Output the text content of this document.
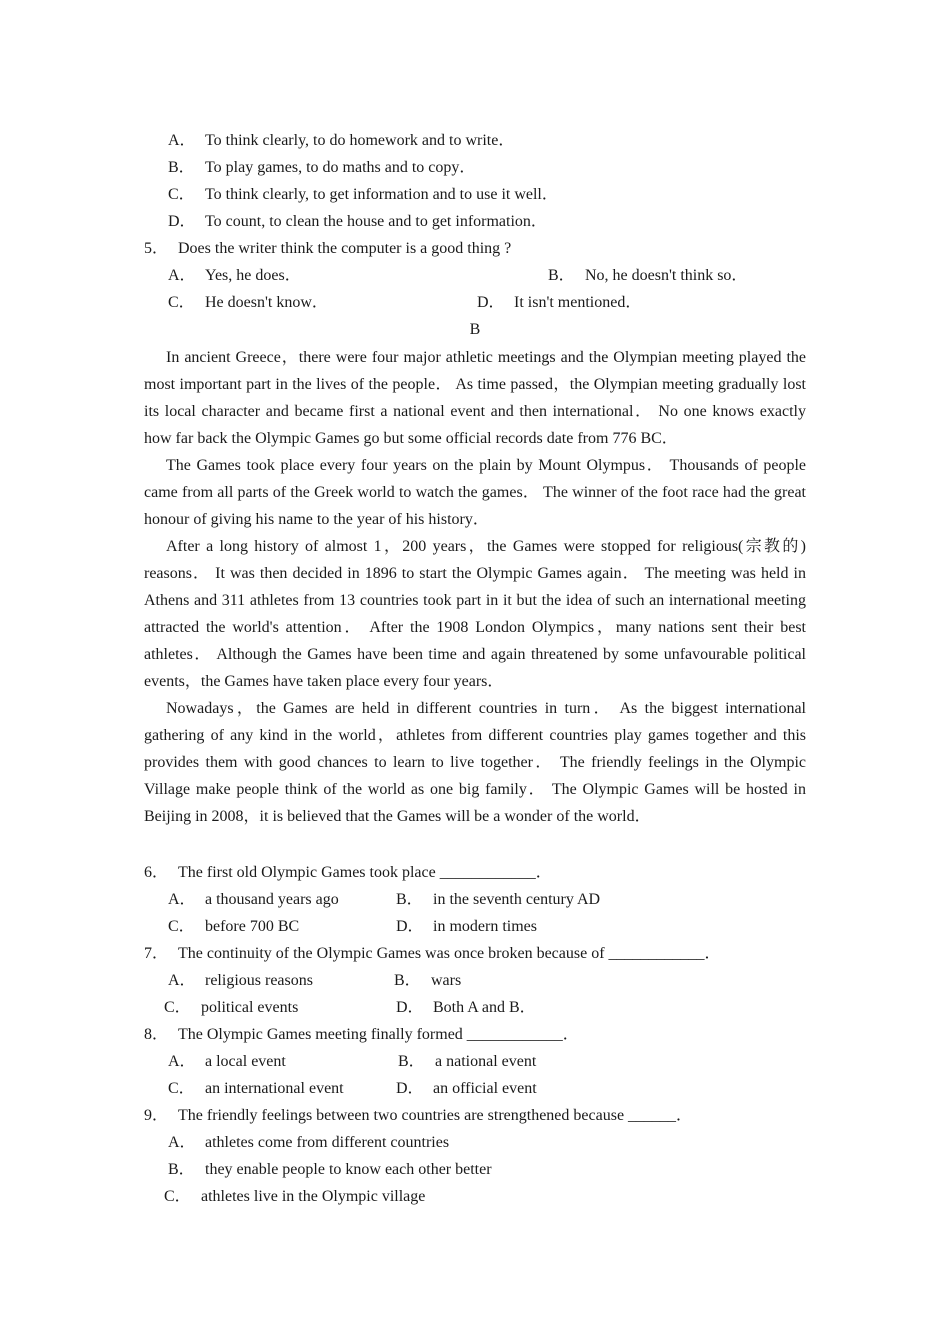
A． To think clearly, to do homework and to write．
B． To play games, to do maths and to copy．
C． To think clearly, to get information and to use it well．
D． To count, to clean the house and to get information．
5． Does the writer think the computer is a good thing ?
A． Yes, he does．	B． No, he doesn't think so．
C． He doesn't know．	D． It isn't mentioned．
B

In ancient Greece，there were four major athletic meetings and the Olympian meeting played the most important part in the lives of the people． As time passed，the Olympian meeting gradually lost its local character and became first a national event and then international． No one knows exactly how far back the Olympic Games go but some official records date from 776 BC．

The Games took place every four years on the plain by Mount Olympus． Thousands of people came from all parts of the Greek world to watch the games． The winner of the foot race had the great honour of giving his name to the year of his history．

After a long history of almost 1，200 years，the Games were stopped for religious(宗教的) reasons． It was then decided in 1896 to start the Olympic Games again． The meeting was held in Athens and 311 athletes from 13 countries took part in it but the idea of such an international meeting attracted the world's attention． After the 1908 London Olympics，many nations sent their best athletes． Although the Games have been time and again threatened by some unfavourable political events，the Games have taken place every four years．

Nowadays，the Games are held in different countries in turn． As the biggest international gathering of any kind in the world，athletes from different countries play games together and this provides them with good chances to learn to live together． The friendly feelings in the Olympic Village make people think of the world as one big family． The Olympic Games will be hosted in Beijing in 2008，it is believed that the Games will be a wonder of the world．

6． The first old Olympic Games took place ____________．
A． a thousand years ago	B． in the seventh century AD
C． before 700 BC	D． in modern times
7． The continuity of the Olympic Games was once broken because of ____________．
A． religious reasons	B． wars
C． political events	D． Both A and B．
8． The Olympic Games meeting finally formed ____________．
A． a local event	B． a national event
C． an international event	D． an official event
9． The friendly feelings between two countries are strengthened because ______．
A． athletes come from different countries
B． they enable people to know each other better
C． athletes live in the Olympic village
